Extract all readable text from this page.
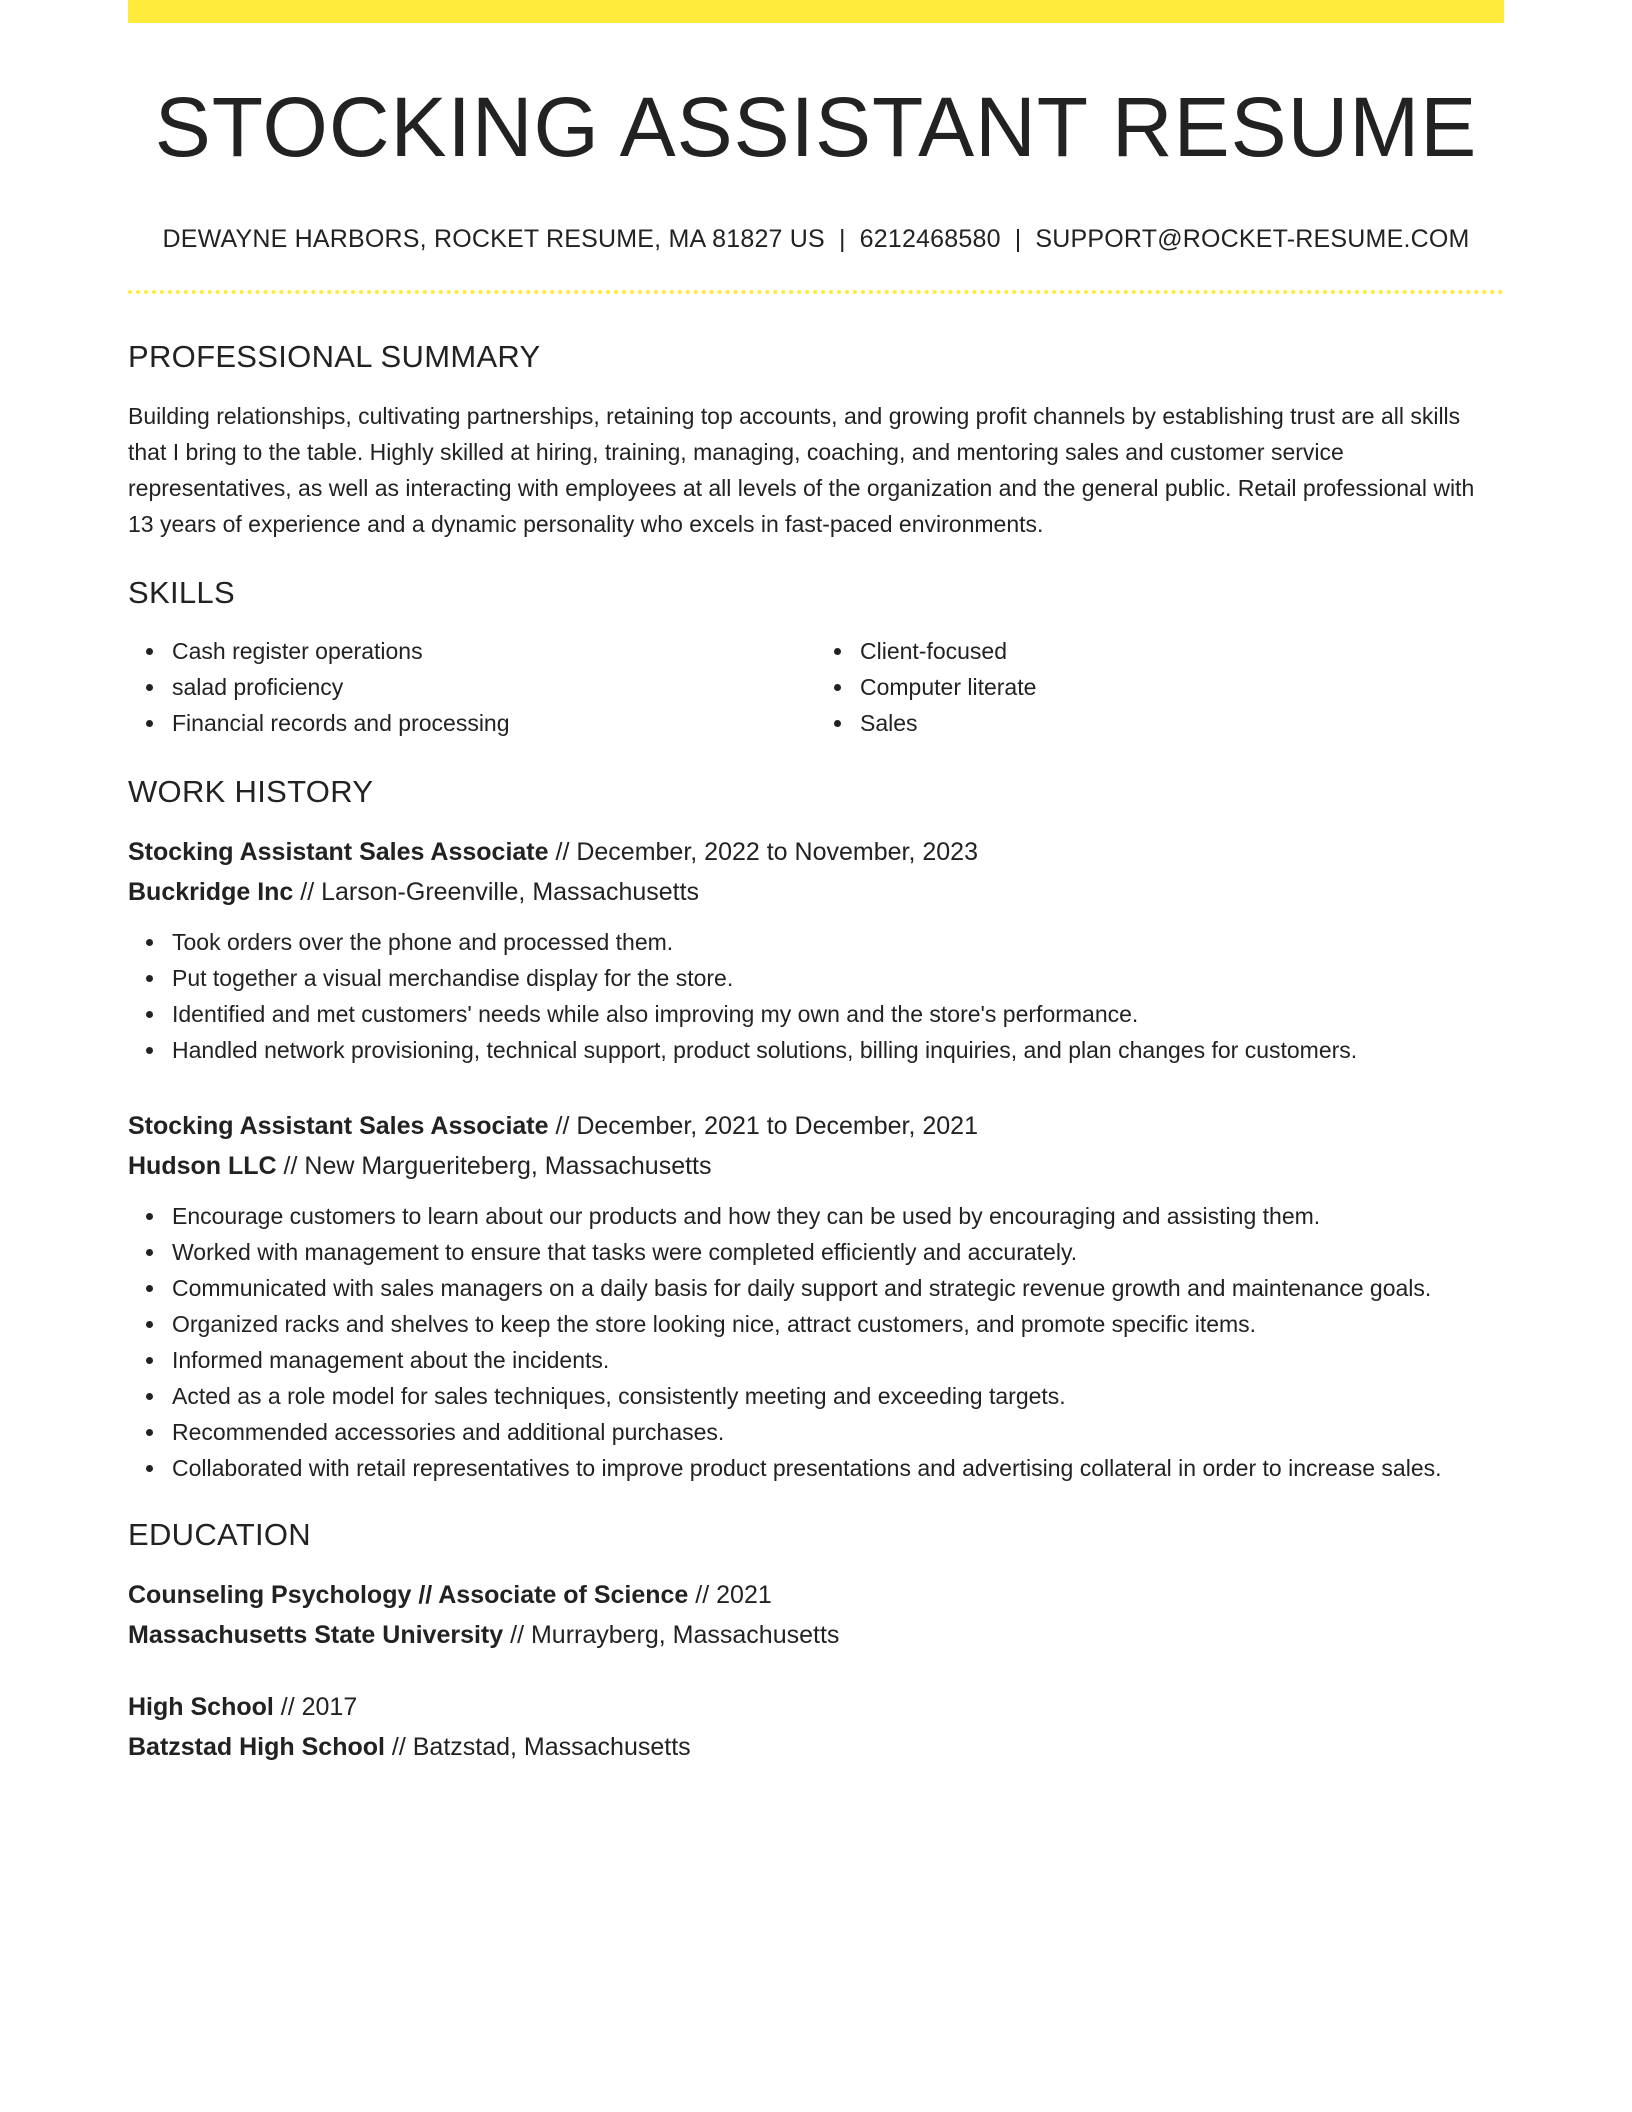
STOCKING ASSISTANT RESUME
DEWAYNE HARBORS, ROCKET RESUME, MA 81827 US | 6212468580 | SUPPORT@ROCKET-RESUME.COM
PROFESSIONAL SUMMARY
Building relationships, cultivating partnerships, retaining top accounts, and growing profit channels by establishing trust are all skills that I bring to the table. Highly skilled at hiring, training, managing, coaching, and mentoring sales and customer service representatives, as well as interacting with employees at all levels of the organization and the general public. Retail professional with 13 years of experience and a dynamic personality who excels in fast-paced environments.
SKILLS
Cash register operations
salad proficiency
Financial records and processing
Client-focused
Computer literate
Sales
WORK HISTORY
Stocking Assistant Sales Associate // December, 2022 to November, 2023
Buckridge Inc // Larson-Greenville, Massachusetts
Took orders over the phone and processed them.
Put together a visual merchandise display for the store.
Identified and met customers' needs while also improving my own and the store's performance.
Handled network provisioning, technical support, product solutions, billing inquiries, and plan changes for customers.
Stocking Assistant Sales Associate // December, 2021 to December, 2021
Hudson LLC // New Margueriteberg, Massachusetts
Encourage customers to learn about our products and how they can be used by encouraging and assisting them.
Worked with management to ensure that tasks were completed efficiently and accurately.
Communicated with sales managers on a daily basis for daily support and strategic revenue growth and maintenance goals.
Organized racks and shelves to keep the store looking nice, attract customers, and promote specific items.
Informed management about the incidents.
Acted as a role model for sales techniques, consistently meeting and exceeding targets.
Recommended accessories and additional purchases.
Collaborated with retail representatives to improve product presentations and advertising collateral in order to increase sales.
EDUCATION
Counseling Psychology // Associate of Science // 2021
Massachusetts State University // Murrayberg, Massachusetts
High School // 2017
Batzstad High School // Batzstad, Massachusetts
